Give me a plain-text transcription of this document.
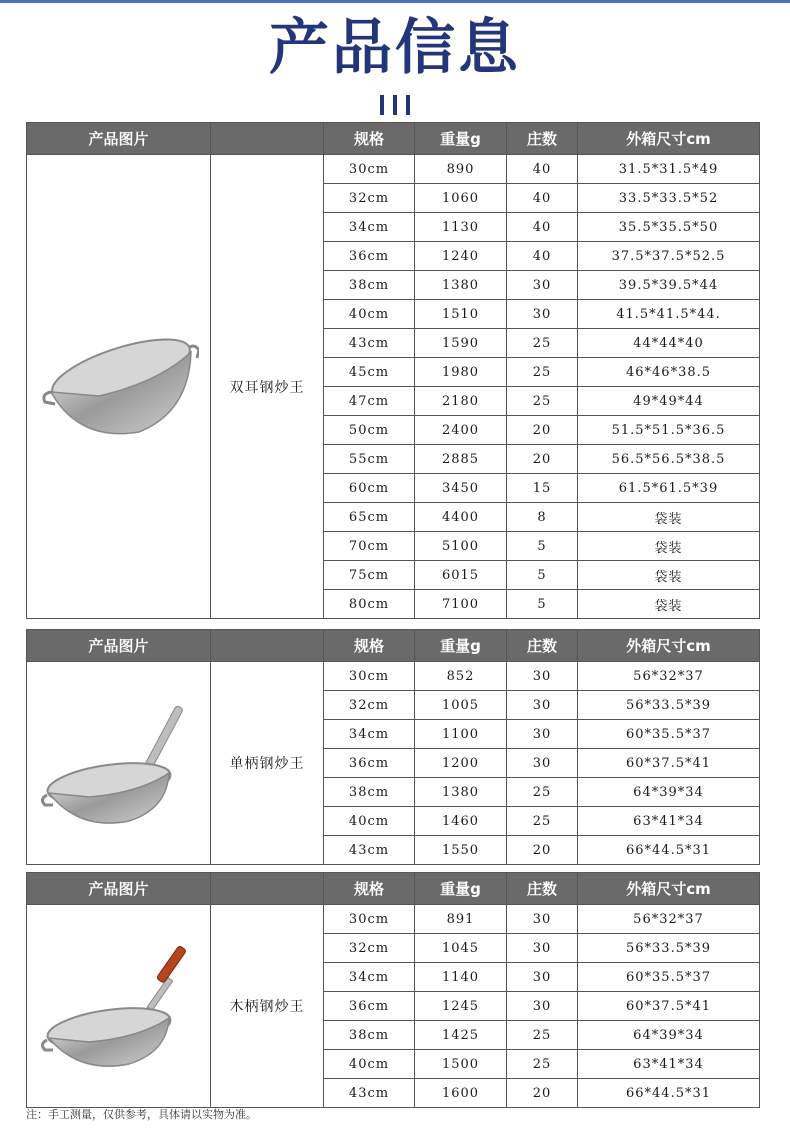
产品信息
产品图片		规格	重量g	庄数	外箱尺寸cm

	双耳钢炒王	30cm	890	40	31.5*31.5*49
		32cm	1060	40	33.5*33.5*52
		34cm	1130	40	35.5*35.5*50
		36cm	1240	40	37.5*37.5*52.5
		38cm	1380	30	39.5*39.5*44
		40cm	1510	30	41.5*41.5*44.
		43cm	1590	25	44*44*40
		45cm	1980	25	46*46*38.5
		47cm	2180	25	49*49*44
		50cm	2400	20	51.5*51.5*36.5
		55cm	2885	20	56.5*56.5*38.5
		60cm	3450	15	61.5*61.5*39
		65cm	4400	8	袋装
		70cm	5100	5	袋装
		75cm	6015	5	袋装
		80cm	7100	5	袋装
产品图片		规格	重量g	庄数	外箱尺寸cm

	单柄钢炒王	30cm	852	30	56*32*37
		32cm	1005	30	56*33.5*39
		34cm	1100	30	60*35.5*37
		36cm	1200	30	60*37.5*41
		38cm	1380	25	64*39*34
		40cm	1460	25	63*41*34
		43cm	1550	20	66*44.5*31
产品图片		规格	重量g	庄数	外箱尺寸cm

	木柄钢炒王	30cm	891	30	56*32*37
		32cm	1045	30	56*33.5*39
		34cm	1140	30	60*35.5*37
		36cm	1245	30	60*37.5*41
		38cm	1425	25	64*39*34
		40cm	1500	25	63*41*34
		43cm	1600	20	66*44.5*31
注：手工测量，仅供参考，具体请以实物为准。
